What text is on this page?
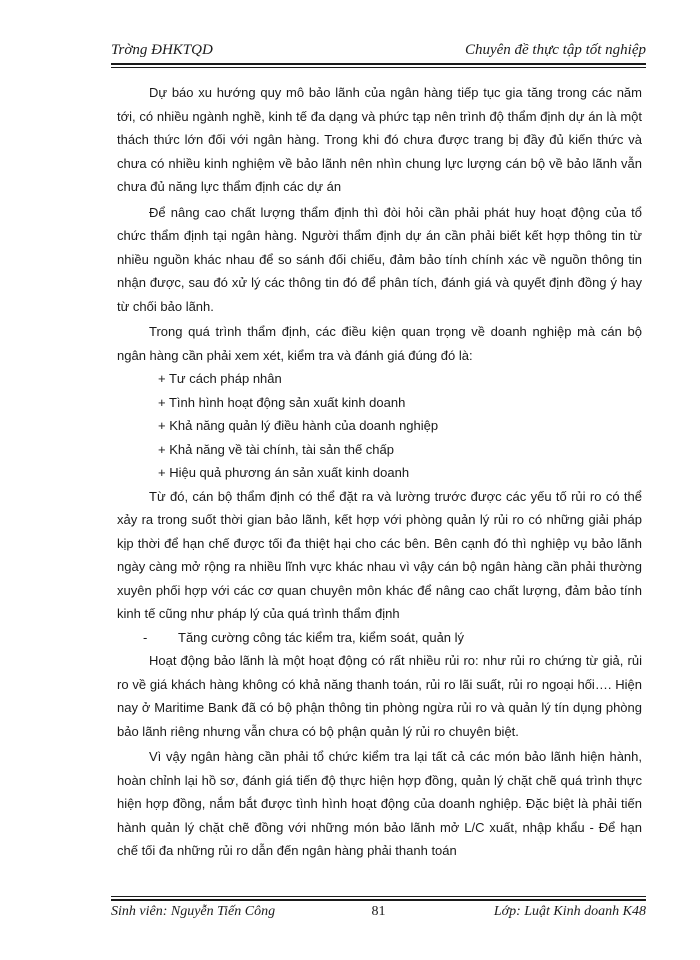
Trờng ĐHKTQD	Chuyên đề thực tập tốt nghiệp

Dự báo xu hướng quy mô bảo lãnh của ngân hàng tiếp tục gia tăng trong các năm tới, có nhiều ngành nghề, kinh tế đa dạng và phức tạp nên trình độ thẩm định dự án là một thách thức lớn đối với ngân hàng. Trong khi đó chưa được trang bị đầy đủ kiến thức và chưa có nhiều kinh nghiệm về bảo lãnh nên nhìn chung lực lượng cán bộ về bảo lãnh vẫn chưa đủ năng lực thẩm định các dự án

Để nâng cao chất lượng thẩm định thì đòi hỏi cần phải phát huy hoạt động của tổ chức thẩm định tại ngân hàng. Người thẩm định dự án cần phải biết kết hợp thông tin từ nhiều nguồn khác nhau để so sánh đối chiếu, đảm bảo tính chính xác về nguồn thông tin nhận được, sau đó xử lý các thông tin đó để phân tích, đánh giá và quyết định đồng ý hay từ chối bảo lãnh.

Trong quá trình thẩm định, các điều kiện quan trọng về doanh nghiệp mà cán bộ ngân hàng cần phải xem xét, kiểm tra và đánh giá đúng đó là:

+ Tư cách pháp nhân
+ Tình hình hoạt động sản xuất kinh doanh
+ Khả năng quản lý điều hành của doanh nghiệp
+ Khả năng về tài chính, tài sản thế chấp
+ Hiệu quả phương án sản xuất kinh doanh

Từ đó, cán bộ thẩm định có thể đặt ra và lường trước được các yếu tố rủi ro có thể xảy ra trong suốt thời gian bảo lãnh, kết hợp với phòng quản lý rủi ro có những giải pháp kịp thời để hạn chế được tối đa thiệt hại cho các bên. Bên cạnh đó thì nghiệp vụ bảo lãnh ngày càng mở rộng ra nhiều lĩnh vực khác nhau vì vậy cán bộ ngân hàng cần phải thường xuyên phối hợp với các cơ quan chuyên môn khác để nâng cao chất lượng, đảm bảo tính kinh tế cũng như pháp lý của quá trình thẩm định

- Tăng cường công tác kiểm tra, kiểm soát, quản lý

Hoạt động bảo lãnh là một hoạt động có rất nhiều rủi ro: như rủi ro chứng từ giả, rủi ro về giá khách hàng không có khả năng thanh toán, rủi ro lãi suất, rủi ro ngoại hối…. Hiện nay ở Maritime Bank đã có bộ phận thông tin phòng ngừa rủi ro và quản lý tín dụng phòng bảo lãnh riêng nhưng vẫn chưa có bộ phận quản lý rủi ro chuyên biệt.

Vì vậy ngân hàng cần phải tổ chức kiểm tra lại tất cả các món bảo lãnh hiện hành, hoàn chỉnh lại hồ sơ, đánh giá tiến độ thực hiện hợp đồng, quản lý chặt chẽ quá trình thực hiện hợp đồng, nắm bắt được tình hình hoạt động của doanh nghiệp. Đặc biệt là phải tiến hành quản lý chặt chẽ đồng với những món bảo lãnh mở L/C xuất, nhập khẩu - Để hạn chế tối đa những rủi ro dẫn đến ngân hàng phải thanh toán

Sinh viên: Nguyễn Tiến Công	81	Lớp: Luật Kinh doanh K48
